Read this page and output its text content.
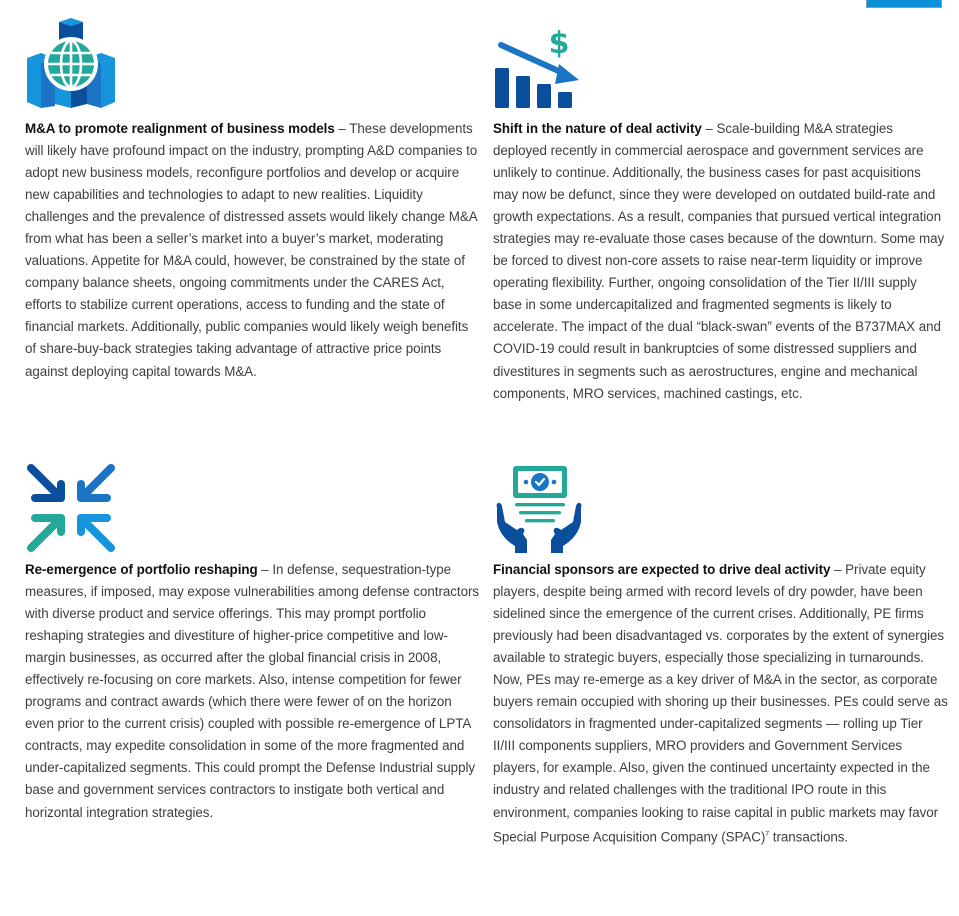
M&A to promote realignment of business models – These developments will likely have profound impact on the industry, prompting A&D companies to adopt new business models, reconfigure portfolios and develop or acquire new capabilities and technologies to adapt to new realities. Liquidity challenges and the prevalence of distressed assets would likely change M&A from what has been a seller’s market into a buyer’s market, moderating valuations. Appetite for M&A could, however, be constrained by the state of company balance sheets, ongoing commitments under the CARES Act, efforts to stabilize current operations, access to funding and the state of financial markets. Additionally, public companies would likely weigh benefits of share-buy-back strategies taking advantage of attractive price points against deploying capital towards M&A.

$

Shift in the nature of deal activity – Scale-building M&A strategies deployed recently in commercial aerospace and government services are unlikely to continue. Additionally, the business cases for past acquisitions may now be defunct, since they were developed on outdated build-rate and growth expectations. As a result, companies that pursued vertical integration strategies may re-evaluate those cases because of the downturn. Some may be forced to divest non-core assets to raise near-term liquidity or improve operating flexibility. Further, ongoing consolidation of the Tier II/III supply base in some undercapitalized and fragmented segments is likely to accelerate. The impact of the dual “black-swan” events of the B737MAX and COVID-19 could result in bankruptcies of some distressed suppliers and divestitures in segments such as aerostructures, engine and mechanical components, MRO services, machined castings, etc.

Re-emergence of portfolio reshaping – In defense, sequestration-type measures, if imposed, may expose vulnerabilities among defense contractors with diverse product and service offerings. This may prompt portfolio reshaping strategies and divestiture of higher-price competitive and low-margin businesses, as occurred after the global financial crisis in 2008, effectively re-focusing on core markets. Also, intense competition for fewer programs and contract awards (which there were fewer of on the horizon even prior to the current crisis) coupled with possible re-emergence of LPTA contracts, may expedite consolidation in some of the more fragmented and under-capitalized segments. This could prompt the Defense Industrial supply base and government services contractors to instigate both vertical and horizontal integration strategies.

Financial sponsors are expected to drive deal activity – Private equity players, despite being armed with record levels of dry powder, have been sidelined since the emergence of the current crises. Additionally, PE firms previously had been disadvantaged vs. corporates by the extent of synergies available to strategic buyers, especially those specializing in turnarounds. Now, PEs may re-emerge as a key driver of M&A in the sector, as corporate buyers remain occupied with shoring up their businesses. PEs could serve as consolidators in fragmented under-capitalized segments — rolling up Tier II/III components suppliers, MRO providers and Government Services players, for example. Also, given the continued uncertainty expected in the industry and related challenges with the traditional IPO route in this environment, companies looking to raise capital in public markets may favor Special Purpose Acquisition Company (SPAC)$^7$ transactions.
